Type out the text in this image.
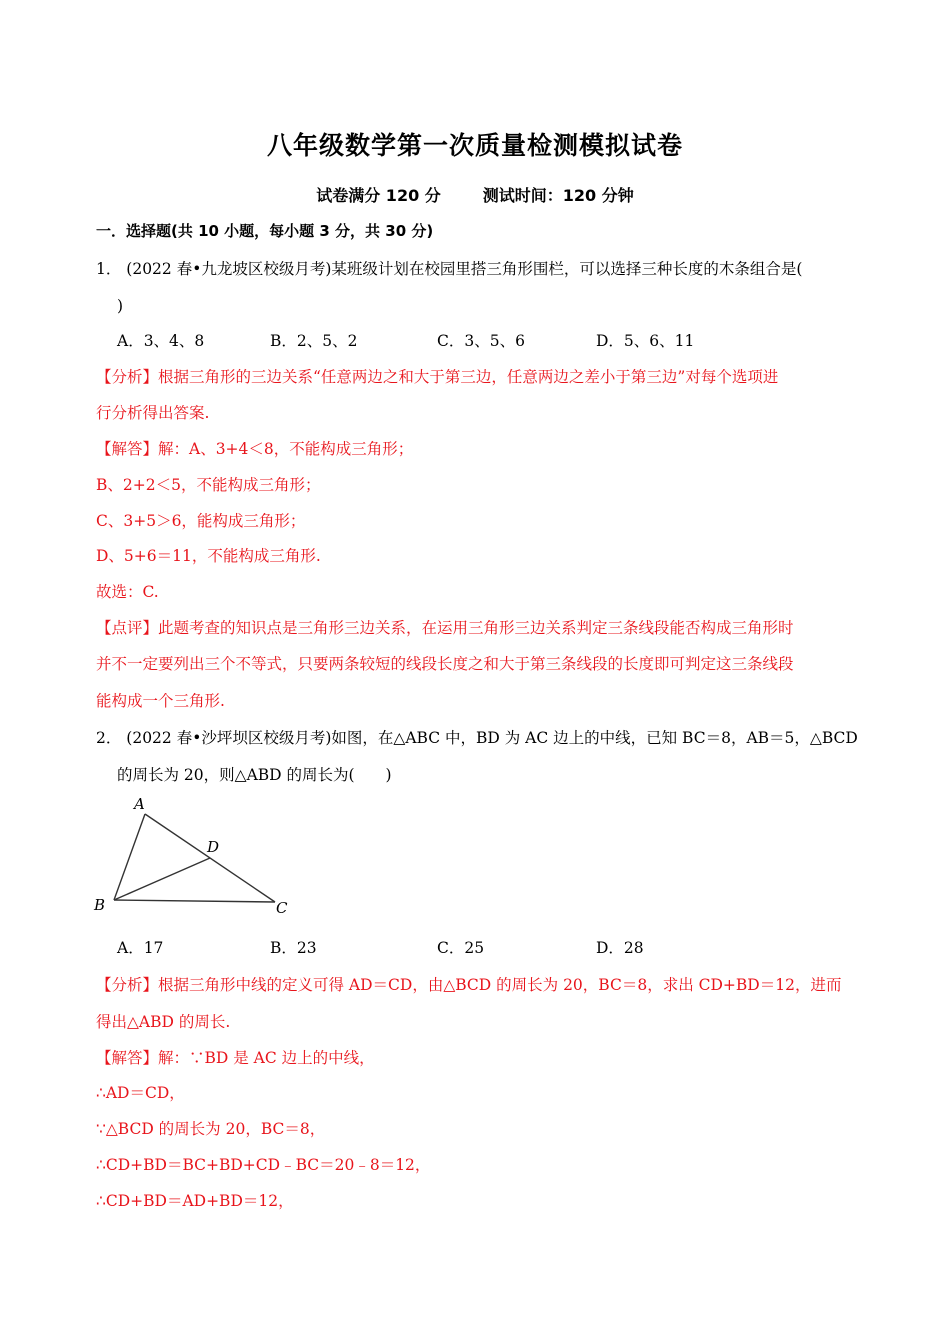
八年级数学第一次质量检测模拟试卷
试卷满分 120 分	测试时间：120 分钟
一．选择题(共 10 小题，每小题 3 分，共 30 分)
1． (2022 春•九龙坡区校级月考)某班级计划在校园里搭三角形围栏，可以选择三种长度的木条组合是(
)
A．3、4、8	B．2、5、2	C．3、5、6	D．5、6、11
【分析】根据三角形的三边关系“任意两边之和大于第三边，任意两边之差小于第三边”对每个选项进
行分析得出答案.
【解答】解：A、3+4＜8，不能构成三角形；
B、2+2＜5，不能构成三角形；
C、3+5＞6，能构成三角形；
D、5+6＝11，不能构成三角形.
故选：C.
【点评】此题考查的知识点是三角形三边关系，在运用三角形三边关系判定三条线段能否构成三角形时
并不一定要列出三个不等式，只要两条较短的线段长度之和大于第三条线段的长度即可判定这三条线段
能构成一个三角形.
2． (2022 春•沙坪坝区校级月考)如图，在△ABC 中，BD 为 AC 边上的中线，已知 BC＝8，AB＝5，△BCD
的周长为 20，则△ABD 的周长为(　　)
A
D
B	C
A．17	B．23	C．25	D．28
【分析】根据三角形中线的定义可得 AD＝CD，由△BCD 的周长为 20，BC＝8，求出 CD+BD＝12，进而
得出△ABD 的周长.
【解答】解：∵BD 是 AC 边上的中线，
∴AD＝CD，
∵△BCD 的周长为 20，BC＝8，
∴CD+BD＝BC+BD+CD﹣BC＝20﹣8＝12，
∴CD+BD＝AD+BD＝12，
